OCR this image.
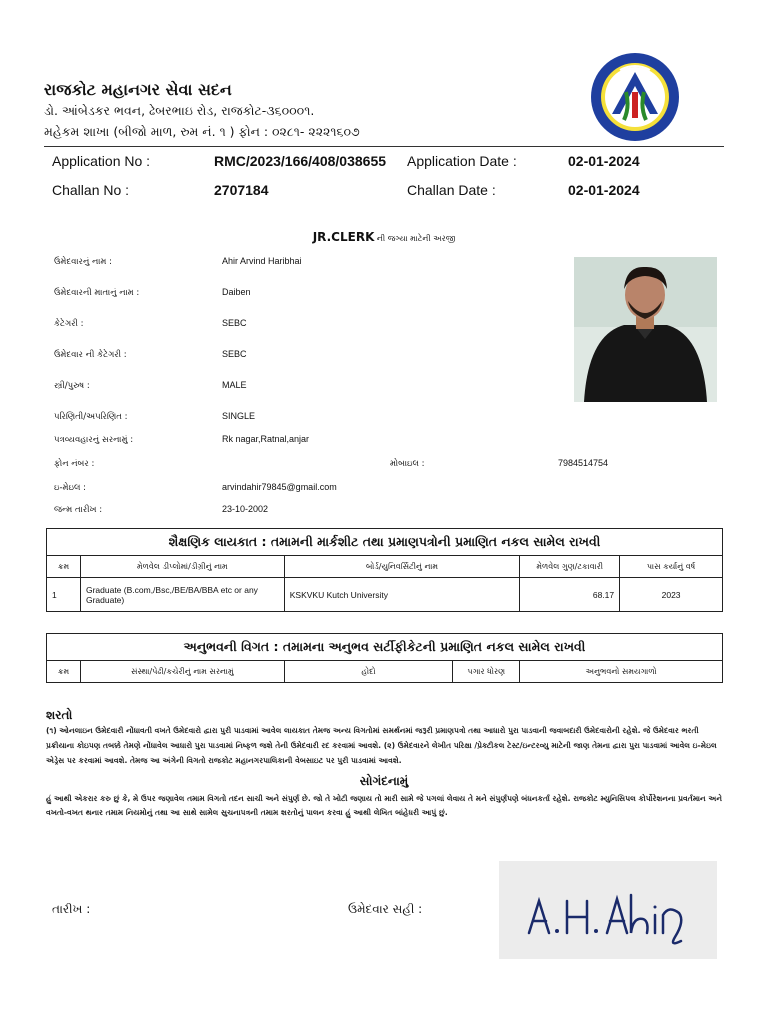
રાજકોટ મહાનગર સેવા સદન
ડો. આંબેડકર ભવન, ઢેબરભાઇ રોડ, રાજકોટ-૩૬૦૦૦૧.
મહેકમ શાખા (બીજો માળ, રુમ નં. ૧ ) ફોન : ૦૨૮૧- ૨૨૨૧૬૦૭
Application No :	RMC/2023/166/408/038655 Application Date :	02-01-2024
Challan No :	2707184	Challan Date :	02-01-2024
JR.CLERK ની જગ્યા માટેની અરજી
ઉમેદવારનું નામ :	Ahir Arvind Haribhai
ઉમેદવારની માતાનું નામ :	Daiben
કેટેગરી :	SEBC
ઉમેદવાર ની કેટેગરી :	SEBC
સ્ત્રી/પુરુષ :	MALE
પરિણિતી/અપરિણિત :	SINGLE
પત્રવ્યવહારનું સરનામું :	Rk nagar,Ratnal,anjar
ફોન નંબર :	મોબાઇલ :	7984514754
ઇ-મેઇલ :	arvindahir79845@gmail.com
જન્મ તારીખ :	23-10-2002
શૈક્ષણિક લાયકાત : તમામની માર્કશીટ તથા પ્રમાણપત્રોની પ્રમાણિત નકલ સામેલ રાખવી				
ક્રમ	મેળવેલ ડીપ્લોમાં/ડીગ્રીનું નામ	બોર્ડ/યુનિવર્સિટીનું નામ	મેળવેલ ગુણ/ટકાવારી	પાસ કર્યાનું વર્ષ
1	Graduate (B.com,/Bsc,/BE/BA/BBA etc or any Graduate)	KSKVKU Kutch University	68.17	2023
અનુભવની વિગત : તમામના અનુભવ સર્ટીફીકેટની પ્રમાણિત નકલ સામેલ રાખવી
ક્રમ	સંસ્થા/પેઢી/કચેરીનું નામ સરનામું	હોદો	પગાર ધોરણ	અનુભવનો સમયગાળો
શરતો
(૧) ઓનલાઇન ઉમેદવારી નોંધાવતી વખતે ઉમેદવારો દ્વારા પુરી પાડવામાં આવેલ લાયકાત તેમજ અન્ય વિગતોમાં સમર્થનમાં જરૂરી પ્રમાણપત્રો તથા આધારો પુરા પાડવાની જવાબદારી ઉમેદવારોની રહેશે. જે ઉમેદવાર ભરતી પ્રક્રીયાના કોઇપણ તબક્કે તેમણે નોંધાવેલ આધારો પુરા પાડવામાં નિષ્ફળ જશે તેની ઉમેદવારી રદ કરવામાં આવશે. (૨) ઉમેદવારને લેખીત પરિક્ષા /પ્રેક્ટીકલ ટેસ્ટ/ઇન્ટરવ્યુ માટેની જાણ તેમના દ્વારા પુરા પાડવામાં આવેલ ઇ-મેઇલ એડ્રેસ પર કરવામાં આવશે. તેમજ આ અંગેની વિગતો રાજકોટ મહાનગરપાલિકાની વેબસાઇટ પર પુરી પાડવામાં આવશે.
સોગંદનામું
હું આથી એકરાર કરુ છું કે, મે ઉપર જણાવેલ તમામ વિગતો તદન સાચી અને સંપુર્ણ છે. જો તે ખોટી જણાય તો મારી સામે જે પગલાં લેવાય તે મને સંપુર્ણપણે બંધનકર્તા રહેશે. રાજકોટ મ્યુનિસિપલ કોર્પોરેશનના પ્રવર્તમાન અને વખતો-વખત થનાર તમામ નિયમોનું તથા આ સાથે સામેલ સુચનાપત્રની તમામ શરતોનું પાલન કરવા હું આથી લેખિત બાંહેધરી આપું છું.
તારીખ :	ઉમેદવાર સહી :
